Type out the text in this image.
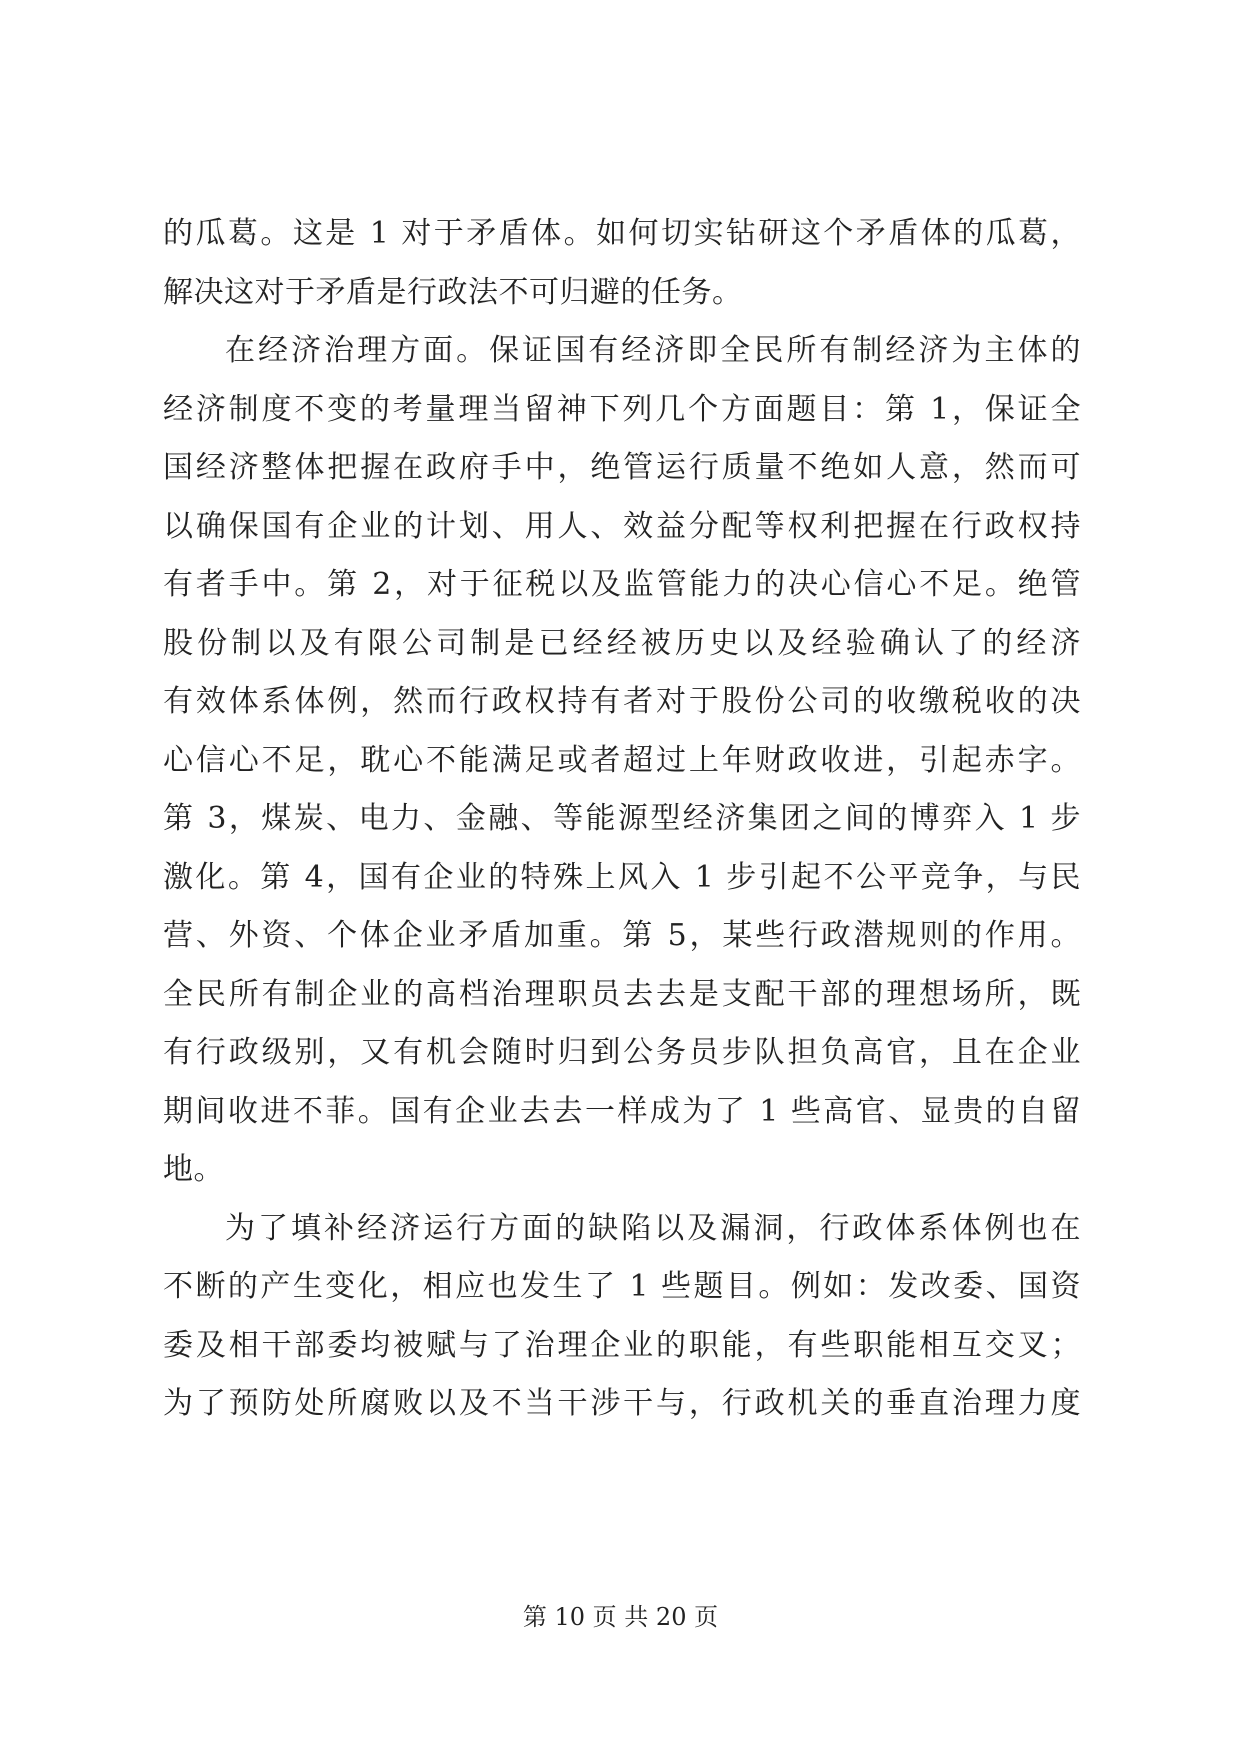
的瓜葛。这是 1 对于矛盾体。如何切实钻研这个矛盾体的瓜葛，
解决这对于矛盾是行政法不可归避的任务。
在经济治理方面。保证国有经济即全民所有制经济为主体的
经济制度不变的考量理当留神下列几个方面题目：第 1，保证全
国经济整体把握在政府手中，绝管运行质量不绝如人意，然而可
以确保国有企业的计划、用人、效益分配等权利把握在行政权持
有者手中。第 2，对于征税以及监管能力的决心信心不足。绝管
股份制以及有限公司制是已经经被历史以及经验确认了的经济
有效体系体例，然而行政权持有者对于股份公司的收缴税收的决
心信心不足，耽心不能满足或者超过上年财政收进，引起赤字。
第 3，煤炭、电力、金融、等能源型经济集团之间的博弈入 1 步
激化。第 4，国有企业的特殊上风入 1 步引起不公平竞争，与民
营、外资、个体企业矛盾加重。第 5，某些行政潜规则的作用。
全民所有制企业的高档治理职员去去是支配干部的理想场所，既
有行政级别，又有机会随时归到公务员步队担负高官，且在企业
期间收进不菲。国有企业去去一样成为了 1 些高官、显贵的自留
地。
为了填补经济运行方面的缺陷以及漏洞，行政体系体例也在
不断的产生变化，相应也发生了 1 些题目。例如：发改委、国资
委及相干部委均被赋与了治理企业的职能，有些职能相互交叉；
为了预防处所腐败以及不当干涉干与，行政机关的垂直治理力度
第 10 页 共 20 页
